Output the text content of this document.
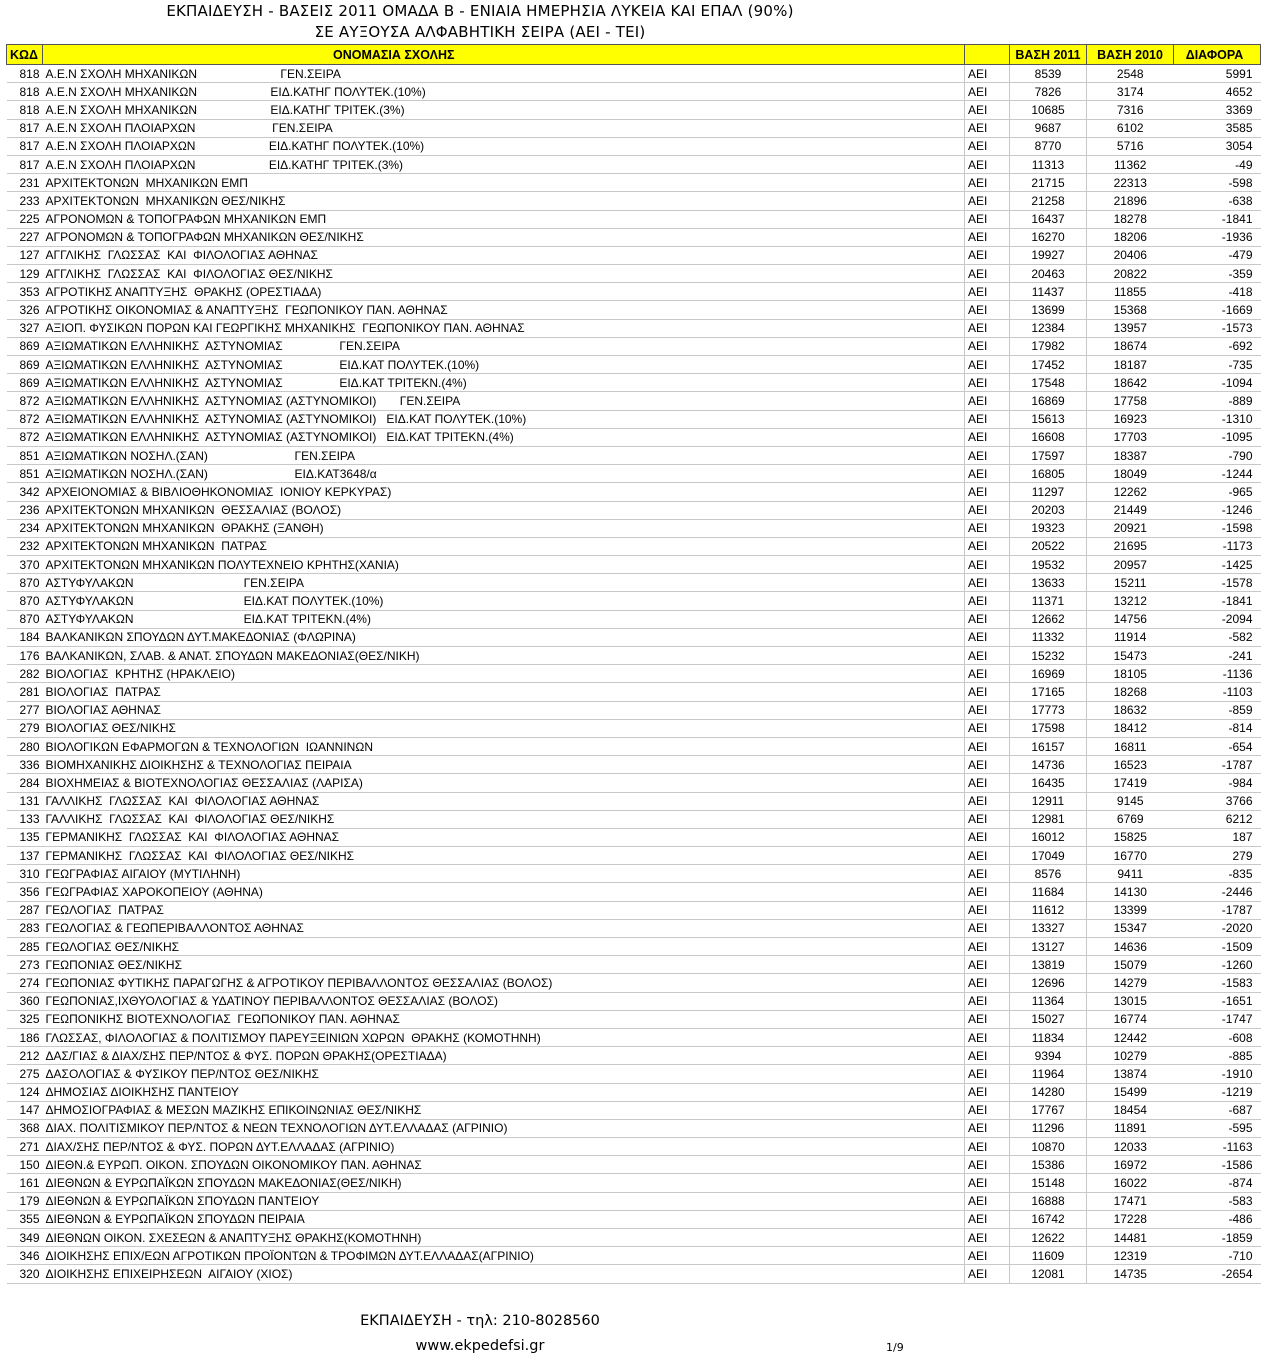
ΕΚΠΑΙΔΕΥΣΗ - ΒΑΣΕΙΣ 2011 ΟΜΑΔΑ Β - ΕΝΙΑΙΑ ΗΜΕΡΗΣΙΑ ΛΥΚΕΙΑ ΚΑΙ ΕΠΑΛ (90%)
ΣΕ ΑΥΞΟΥΣΑ ΑΛΦΑΒΗΤΙΚΗ ΣΕΙΡΑ (ΑΕΙ - ΤΕΙ)
ΚΩΔ	ΟΝΟΜΑΣΙΑ ΣΧΟΛΗΣ		ΒΑΣΗ 2011	ΒΑΣΗ 2010	ΔΙΑΦΟΡΑ
818	Α.Ε.Ν ΣΧΟΛΗ ΜΗΧΑΝΙΚΩΝ                         ΓΕΝ.ΣΕΙΡΑ	ΑΕΙ	8539	2548	5991
818	Α.Ε.Ν ΣΧΟΛΗ ΜΗΧΑΝΙΚΩΝ                      ΕΙΔ.ΚΑΤΗΓ ΠΟΛΥΤΕΚ.(10%)	ΑΕΙ	7826	3174	4652
818	Α.Ε.Ν ΣΧΟΛΗ ΜΗΧΑΝΙΚΩΝ                      ΕΙΔ.ΚΑΤΗΓ ΤΡΙΤΕΚ.(3%)	ΑΕΙ	10685	7316	3369
817	Α.Ε.Ν ΣΧΟΛΗ ΠΛΟΙΑΡΧΩΝ                       ΓΕΝ.ΣΕΙΡΑ	ΑΕΙ	9687	6102	3585
817	Α.Ε.Ν ΣΧΟΛΗ ΠΛΟΙΑΡΧΩΝ                      ΕΙΔ.ΚΑΤΗΓ ΠΟΛΥΤΕΚ.(10%)	ΑΕΙ	8770	5716	3054
817	Α.Ε.Ν ΣΧΟΛΗ ΠΛΟΙΑΡΧΩΝ                      ΕΙΔ.ΚΑΤΗΓ ΤΡΙΤΕΚ.(3%)	ΑΕΙ	11313	11362	-49
231	ΑΡΧΙΤΕΚΤΟΝΩΝ  ΜΗΧΑΝΙΚΩΝ ΕΜΠ	ΑΕΙ	21715	22313	-598
233	ΑΡΧΙΤΕΚΤΟΝΩΝ  ΜΗΧΑΝΙΚΩΝ ΘΕΣ/ΝΙΚΗΣ	ΑΕΙ	21258	21896	-638
225	ΑΓΡΟΝΟΜΩΝ & ΤΟΠΟΓΡΑΦΩΝ ΜΗΧΑΝΙΚΩΝ ΕΜΠ	ΑΕΙ	16437	18278	-1841
227	ΑΓΡΟΝΟΜΩΝ & ΤΟΠΟΓΡΑΦΩΝ ΜΗΧΑΝΙΚΩΝ ΘΕΣ/ΝΙΚΗΣ	ΑΕΙ	16270	18206	-1936
127	ΑΓΓΛΙΚΗΣ  ΓΛΩΣΣΑΣ  ΚΑΙ  ΦΙΛΟΛΟΓΙΑΣ ΑΘΗΝΑΣ	ΑΕΙ	19927	20406	-479
129	ΑΓΓΛΙΚΗΣ  ΓΛΩΣΣΑΣ  ΚΑΙ  ΦΙΛΟΛΟΓΙΑΣ ΘΕΣ/ΝΙΚΗΣ	ΑΕΙ	20463	20822	-359
353	ΑΓΡΟΤΙΚΗΣ ΑΝΑΠΤΥΞΗΣ  ΘΡΑΚΗΣ (ΟΡΕΣΤΙΑΔΑ)	ΑΕΙ	11437	11855	-418
326	ΑΓΡΟΤΙΚΗΣ ΟΙΚΟΝΟΜΙΑΣ & ΑΝΑΠΤΥΞΗΣ  ΓΕΩΠΟΝΙΚΟΥ ΠΑΝ. ΑΘΗΝΑΣ	ΑΕΙ	13699	15368	-1669
327	ΑΞΙΟΠ. ΦΥΣΙΚΩΝ ΠΟΡΩΝ ΚΑΙ ΓΕΩΡΓΙΚΗΣ ΜΗΧΑΝΙΚΗΣ  ΓΕΩΠΟΝΙΚΟΥ ΠΑΝ. ΑΘΗΝΑΣ	ΑΕΙ	12384	13957	-1573
869	ΑΞΙΩΜΑΤΙΚΩΝ ΕΛΛΗΝΙΚΗΣ  ΑΣΤΥΝΟΜΙΑΣ                 ΓΕΝ.ΣΕΙΡΑ	ΑΕΙ	17982	18674	-692
869	ΑΞΙΩΜΑΤΙΚΩΝ ΕΛΛΗΝΙΚΗΣ  ΑΣΤΥΝΟΜΙΑΣ                 ΕΙΔ.ΚΑΤ ΠΟΛΥΤΕΚ.(10%)	ΑΕΙ	17452	18187	-735
869	ΑΞΙΩΜΑΤΙΚΩΝ ΕΛΛΗΝΙΚΗΣ  ΑΣΤΥΝΟΜΙΑΣ                 ΕΙΔ.ΚΑΤ ΤΡΙΤΕΚΝ.(4%)	ΑΕΙ	17548	18642	-1094
872	ΑΞΙΩΜΑΤΙΚΩΝ ΕΛΛΗΝΙΚΗΣ  ΑΣΤΥΝΟΜΙΑΣ (ΑΣΤΥΝΟΜΙΚΟΙ)       ΓΕΝ.ΣΕΙΡΑ	ΑΕΙ	16869	17758	-889
872	ΑΞΙΩΜΑΤΙΚΩΝ ΕΛΛΗΝΙΚΗΣ  ΑΣΤΥΝΟΜΙΑΣ (ΑΣΤΥΝΟΜΙΚΟΙ)   ΕΙΔ.ΚΑΤ ΠΟΛΥΤΕΚ.(10%)	ΑΕΙ	15613	16923	-1310
872	ΑΞΙΩΜΑΤΙΚΩΝ ΕΛΛΗΝΙΚΗΣ  ΑΣΤΥΝΟΜΙΑΣ (ΑΣΤΥΝΟΜΙΚΟΙ)   ΕΙΔ.ΚΑΤ ΤΡΙΤΕΚΝ.(4%)	ΑΕΙ	16608	17703	-1095
851	ΑΞΙΩΜΑΤΙΚΩΝ ΝΟΣΗΛ.(ΣΑΝ)                          ΓΕΝ.ΣΕΙΡΑ	ΑΕΙ	17597	18387	-790
851	ΑΞΙΩΜΑΤΙΚΩΝ ΝΟΣΗΛ.(ΣΑΝ)                          ΕΙΔ.ΚΑΤ3648/α	ΑΕΙ	16805	18049	-1244
342	ΑΡΧΕΙΟΝΟΜΙΑΣ & ΒΙΒΛΙΟΘΗΚΟΝΟΜΙΑΣ  ΙΟΝΙΟΥ ΚΕΡΚΥΡΑΣ)	ΑΕΙ	11297	12262	-965
236	ΑΡΧΙΤΕΚΤΟΝΩΝ ΜΗΧΑΝΙΚΩΝ  ΘΕΣΣΑΛΙΑΣ (ΒΟΛΟΣ)	ΑΕΙ	20203	21449	-1246
234	ΑΡΧΙΤΕΚΤΟΝΩΝ ΜΗΧΑΝΙΚΩΝ  ΘΡΑΚΗΣ (ΞΑΝΘΗ)	ΑΕΙ	19323	20921	-1598
232	ΑΡΧΙΤΕΚΤΟΝΩΝ ΜΗΧΑΝΙΚΩΝ  ΠΑΤΡΑΣ	ΑΕΙ	20522	21695	-1173
370	ΑΡΧΙΤΕΚΤΟΝΩΝ ΜΗΧΑΝΙΚΩΝ ΠΟΛΥΤΕΧΝΕΙΟ ΚΡΗΤΗΣ(ΧΑΝΙΑ)	ΑΕΙ	19532	20957	-1425
870	ΑΣΤΥΦΥΛΑΚΩΝ                                 ΓΕΝ.ΣΕΙΡΑ	ΑΕΙ	13633	15211	-1578
870	ΑΣΤΥΦΥΛΑΚΩΝ                                 ΕΙΔ.ΚΑΤ ΠΟΛΥΤΕΚ.(10%)	ΑΕΙ	11371	13212	-1841
870	ΑΣΤΥΦΥΛΑΚΩΝ                                 ΕΙΔ.ΚΑΤ ΤΡΙΤΕΚΝ.(4%)	ΑΕΙ	12662	14756	-2094
184	ΒΑΛΚΑΝΙΚΩΝ ΣΠΟΥΔΩΝ ΔΥΤ.ΜΑΚΕΔΟΝΙΑΣ (ΦΛΩΡΙΝΑ)	ΑΕΙ	11332	11914	-582
176	ΒΑΛΚΑΝΙΚΩΝ, ΣΛΑΒ. & ΑΝΑΤ. ΣΠΟΥΔΩΝ ΜΑΚΕΔΟΝΙΑΣ(ΘΕΣ/ΝΙΚΗ)	ΑΕΙ	15232	15473	-241
282	ΒΙΟΛΟΓΙΑΣ  ΚΡΗΤΗΣ (ΗΡΑΚΛΕΙΟ)	ΑΕΙ	16969	18105	-1136
281	ΒΙΟΛΟΓΙΑΣ  ΠΑΤΡΑΣ	ΑΕΙ	17165	18268	-1103
277	ΒΙΟΛΟΓΙΑΣ ΑΘΗΝΑΣ	ΑΕΙ	17773	18632	-859
279	ΒΙΟΛΟΓΙΑΣ ΘΕΣ/ΝΙΚΗΣ	ΑΕΙ	17598	18412	-814
280	ΒΙΟΛΟΓΙΚΩΝ ΕΦΑΡΜΟΓΩΝ & ΤΕΧΝΟΛΟΓΙΩΝ  ΙΩΑΝΝΙΝΩΝ	ΑΕΙ	16157	16811	-654
336	ΒΙΟΜΗΧΑΝΙΚΗΣ ΔΙΟΙΚΗΣΗΣ & ΤΕΧΝΟΛΟΓΙΑΣ ΠΕΙΡΑΙΑ	ΑΕΙ	14736	16523	-1787
284	ΒΙΟΧΗΜΕΙΑΣ & ΒΙΟΤΕΧΝΟΛΟΓΙΑΣ ΘΕΣΣΑΛΙΑΣ (ΛΑΡΙΣΑ)	ΑΕΙ	16435	17419	-984
131	ΓΑΛΛΙΚΗΣ  ΓΛΩΣΣΑΣ  ΚΑΙ  ΦΙΛΟΛΟΓΙΑΣ ΑΘΗΝΑΣ	ΑΕΙ	12911	9145	3766
133	ΓΑΛΛΙΚΗΣ  ΓΛΩΣΣΑΣ  ΚΑΙ  ΦΙΛΟΛΟΓΙΑΣ ΘΕΣ/ΝΙΚΗΣ	ΑΕΙ	12981	6769	6212
135	ΓΕΡΜΑΝΙΚΗΣ  ΓΛΩΣΣΑΣ  ΚΑΙ  ΦΙΛΟΛΟΓΙΑΣ ΑΘΗΝΑΣ	ΑΕΙ	16012	15825	187
137	ΓΕΡΜΑΝΙΚΗΣ  ΓΛΩΣΣΑΣ  ΚΑΙ  ΦΙΛΟΛΟΓΙΑΣ ΘΕΣ/ΝΙΚΗΣ	ΑΕΙ	17049	16770	279
310	ΓΕΩΓΡΑΦΙΑΣ ΑΙΓΑΙΟΥ (ΜΥΤΙΛΗΝΗ)	ΑΕΙ	8576	9411	-835
356	ΓΕΩΓΡΑΦΙΑΣ ΧΑΡΟΚΟΠΕΙΟΥ (ΑΘΗΝΑ)	ΑΕΙ	11684	14130	-2446
287	ΓΕΩΛΟΓΙΑΣ  ΠΑΤΡΑΣ	ΑΕΙ	11612	13399	-1787
283	ΓΕΩΛΟΓΙΑΣ & ΓΕΩΠΕΡΙΒΑΛΛΟΝΤΟΣ ΑΘΗΝΑΣ	ΑΕΙ	13327	15347	-2020
285	ΓΕΩΛΟΓΙΑΣ ΘΕΣ/ΝΙΚΗΣ	ΑΕΙ	13127	14636	-1509
273	ΓΕΩΠΟΝΙΑΣ ΘΕΣ/ΝΙΚΗΣ	ΑΕΙ	13819	15079	-1260
274	ΓΕΩΠΟΝΙΑΣ ΦΥΤΙΚΗΣ ΠΑΡΑΓΩΓΗΣ & ΑΓΡΟΤΙΚΟΥ ΠΕΡΙΒΑΛΛΟΝΤΟΣ ΘΕΣΣΑΛΙΑΣ (ΒΟΛΟΣ)	ΑΕΙ	12696	14279	-1583
360	ΓΕΩΠΟΝΙΑΣ,ΙΧΘΥΟΛΟΓΙΑΣ & ΥΔΑΤΙΝΟΥ ΠΕΡΙΒΑΛΛΟΝΤΟΣ ΘΕΣΣΑΛΙΑΣ (ΒΟΛΟΣ)	ΑΕΙ	11364	13015	-1651
325	ΓΕΩΠΟΝΙΚΗΣ ΒΙΟΤΕΧΝΟΛΟΓΙΑΣ  ΓΕΩΠΟΝΙΚΟΥ ΠΑΝ. ΑΘΗΝΑΣ	ΑΕΙ	15027	16774	-1747
186	ΓΛΩΣΣΑΣ, ΦΙΛΟΛΟΓΙΑΣ & ΠΟΛΙΤΙΣΜΟΥ ΠΑΡΕΥΞΕΙΝΙΩΝ ΧΩΡΩΝ  ΘΡΑΚΗΣ (ΚΟΜΟΤΗΝΗ)	ΑΕΙ	11834	12442	-608
212	ΔΑΣ/ΓΙΑΣ & ΔΙΑΧ/ΣΗΣ ΠΕΡ/ΝΤΟΣ & ΦΥΣ. ΠΟΡΩΝ ΘΡΑΚΗΣ(ΟΡΕΣΤΙΑΔΑ)	ΑΕΙ	9394	10279	-885
275	ΔΑΣΟΛΟΓΙΑΣ & ΦΥΣΙΚΟΥ ΠΕΡ/ΝΤΟΣ ΘΕΣ/ΝΙΚΗΣ	ΑΕΙ	11964	13874	-1910
124	ΔΗΜΟΣΙΑΣ ΔΙΟΙΚΗΣΗΣ ΠΑΝΤΕΙΟΥ	ΑΕΙ	14280	15499	-1219
147	ΔΗΜΟΣΙΟΓΡΑΦΙΑΣ & ΜΕΣΩΝ ΜΑΖΙΚΗΣ ΕΠΙΚΟΙΝΩΝΙΑΣ ΘΕΣ/ΝΙΚΗΣ	ΑΕΙ	17767	18454	-687
368	ΔΙΑΧ. ΠΟΛΙΤΙΣΜΙΚΟΥ ΠΕΡ/ΝΤΟΣ & ΝΕΩΝ ΤΕΧΝΟΛΟΓΙΩΝ ΔΥΤ.ΕΛΛΑΔΑΣ (ΑΓΡΙΝΙΟ)	ΑΕΙ	11296	11891	-595
271	ΔΙΑΧ/ΣΗΣ ΠΕΡ/ΝΤΟΣ & ΦΥΣ. ΠΟΡΩΝ ΔΥΤ.ΕΛΛΑΔΑΣ (ΑΓΡΙΝΙΟ)	ΑΕΙ	10870	12033	-1163
150	ΔΙΕΘΝ.& ΕΥΡΩΠ. ΟΙΚΟΝ. ΣΠΟΥΔΩΝ ΟΙΚΟΝΟΜΙΚΟΥ ΠΑΝ. ΑΘΗΝΑΣ	ΑΕΙ	15386	16972	-1586
161	ΔΙΕΘΝΩΝ & ΕΥΡΩΠΑΪΚΩΝ ΣΠΟΥΔΩΝ ΜΑΚΕΔΟΝΙΑΣ(ΘΕΣ/ΝΙΚΗ)	ΑΕΙ	15148	16022	-874
179	ΔΙΕΘΝΩΝ & ΕΥΡΩΠΑΪΚΩΝ ΣΠΟΥΔΩΝ ΠΑΝΤΕΙΟΥ	ΑΕΙ	16888	17471	-583
355	ΔΙΕΘΝΩΝ & ΕΥΡΩΠΑΪΚΩΝ ΣΠΟΥΔΩΝ ΠΕΙΡΑΙΑ	ΑΕΙ	16742	17228	-486
349	ΔΙΕΘΝΩΝ ΟΙΚΟΝ. ΣΧΕΣΕΩΝ & ΑΝΑΠΤΥΞΗΣ ΘΡΑΚΗΣ(ΚΟΜΟΤΗΝΗ)	ΑΕΙ	12622	14481	-1859
346	ΔΙΟΙΚΗΣΗΣ ΕΠΙΧ/ΕΩΝ ΑΓΡΟΤΙΚΩΝ ΠΡΟΪΟΝΤΩΝ & ΤΡΟΦΙΜΩΝ ΔΥΤ.ΕΛΛΑΔΑΣ(ΑΓΡΙΝΙΟ)	ΑΕΙ	11609	12319	-710
320	ΔΙΟΙΚΗΣΗΣ ΕΠΙΧΕΙΡΗΣΕΩΝ  ΑΙΓΑΙΟΥ (ΧΙΟΣ)	ΑΕΙ	12081	14735	-2654
ΕΚΠΑΙΔΕΥΣΗ - τηλ: 210-8028560
www.ekpedefsi.gr	1/9
